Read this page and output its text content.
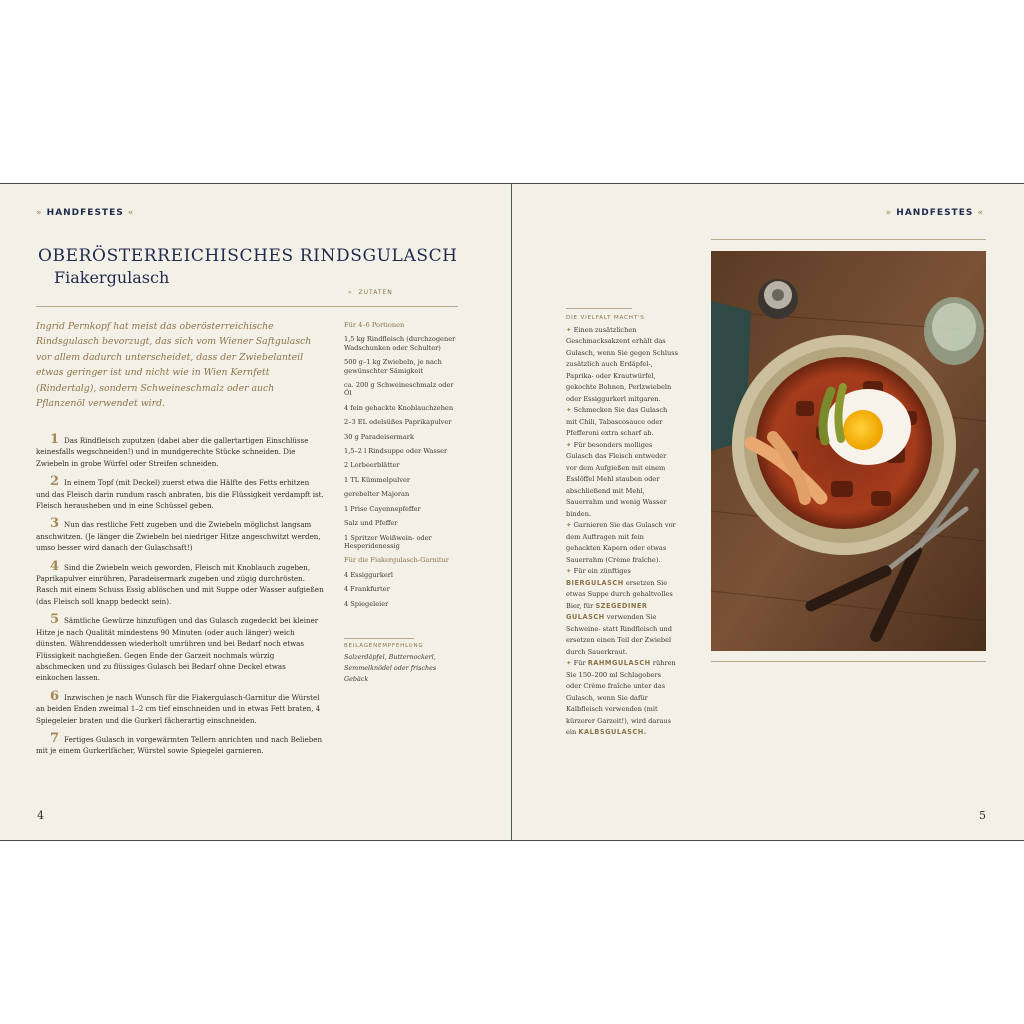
» HANDFESTES «
OBERÖSTERREICHISCHES RINDSGULASCH
Fiakergulasch
» ZUTATEN
Ingrid Pernkopf hat meist das oberösterreichische Rindsgulasch bevorzugt, das sich vom Wiener Saftgulasch vor allem dadurch unterscheidet, dass der Zwiebelanteil etwas geringer ist und nicht wie in Wien Kernfett (Rindertalg), sondern Schweineschmalz oder auch Pflanzenöl verwendet wird.
1 Das Rindfleisch zuputzen (dabei aber die gallertartigen Einschlüsse keinesfalls wegschneiden!) und in mundgerechte Stücke schneiden. Die Zwiebeln in grobe Würfel oder Streifen schneiden.
2 In einem Topf (mit Deckel) zuerst etwa die Hälfte des Fetts erhitzen und das Fleisch darin rundum rasch anbraten, bis die Flüssigkeit verdampft ist. Fleisch herausheben und in eine Schüssel geben.
3 Nun das restliche Fett zugeben und die Zwiebeln möglichst langsam anschwitzen. (Je länger die Zwiebeln bei niedriger Hitze angeschwitzt werden, umso besser wird danach der Gulaschsaft!)
4 Sind die Zwiebeln weich geworden, Fleisch mit Knoblauch zugeben, Paprikapulver einrühren, Paradeisermark zugeben und zügig durchrösten. Rasch mit einem Schuss Essig ablöschen und mit Suppe oder Wasser aufgießen (das Fleisch soll knapp bedeckt sein).
5 Sämtliche Gewürze hinzufügen und das Gulasch zugedeckt bei kleiner Hitze je nach Qualität mindestens 90 Minuten (oder auch länger) weich dünsten. Währenddessen wiederholt umrühren und bei Bedarf noch etwas Flüssigkeit nachgießen. Gegen Ende der Garzeit nochmals würzig abschmecken und zu flüssiges Gulasch bei Bedarf ohne Deckel etwas einkochen lassen.
6 Inzwischen je nach Wunsch für die Fiakergulasch-Garnitur die Würstel an beiden Enden zweimal 1–2 cm tief einschneiden und in etwas Fett braten, 4 Spiegeleier braten und die Gurkerl fächerartig einschneiden.
7 Fertiges Gulasch in vorgewärmten Tellern anrichten und nach Belieben mit je einem Gurkerlfächer, Würstel sowie Spiegelei garnieren.

Für 4–6 Portionen

1,5 kg Rindfleisch (durchzogener Wadschunken oder Schulter)

500 g–1 kg Zwiebeln, je nach gewünschter Sämigkeit

ca. 200 g Schweineschmalz oder Öl

4 fein gehackte Knoblauchzehen

2–3 EL edelsüßes Paprikapulver

30 g Paradeisermark

1,5–2 l Rindsuppe oder Wasser

2 Lorbeerblätter

1 TL Kümmelpulver

gerebelter Majoran

1 Prise Cayennepfeffer

Salz und Pfeffer

1 Spritzer Weißwein- oder Hesperidenessig

Für die Fiakergulasch-Garnitur

4 Essiggurkerl

4 Frankfurter

4 Spiegeleier

BEILAGENEMPFEHLUNG
Salzerdäpfel, Butternockerl, Semmelknödel oder frisches Gebäck
4
» HANDFESTES «
DIE VIELFALT MACHT'S
✦ Einen zusätzlichen Geschmacksakzent erhält das Gulasch, wenn Sie gegen Schluss zusätzlich auch Erdäpfel-, Paprika- oder Krautwürfel, gekochte Bohnen, Perlzwiebeln oder Essiggurkerl mitgaren.
✦ Schmecken Sie das Gulasch mit Chili, Tabascosauce oder Pfefferoni extra scharf ab.
✦ Für besonders molliges Gulasch das Fleisch entweder vor dem Aufgießen mit einem Esslöffel Mehl stauben oder abschließend mit Mehl, Sauerrahm und wenig Wasser binden.
✦ Garnieren Sie das Gulasch vor dem Auftragen mit fein gehackten Kapern oder etwas Sauerrahm (Crème fraîche).
✦ Für ein zünftiges BIERGULASCH ersetzen Sie etwas Suppe durch gehaltvolles Bier, für SZEGEDINER GULASCH verwenden Sie Schweine- statt Rindfleisch und ersetzen einen Teil der Zwiebel durch Sauerkraut.
✦ Für RAHMGULASCH rühren Sie 150–200 ml Schlagobers oder Crème fraîche unter das Gulasch, wenn Sie dafür Kalbfleisch verwenden (mit kürzerer Garzeit!), wird daraus ein KALBSGULASCH.
5
